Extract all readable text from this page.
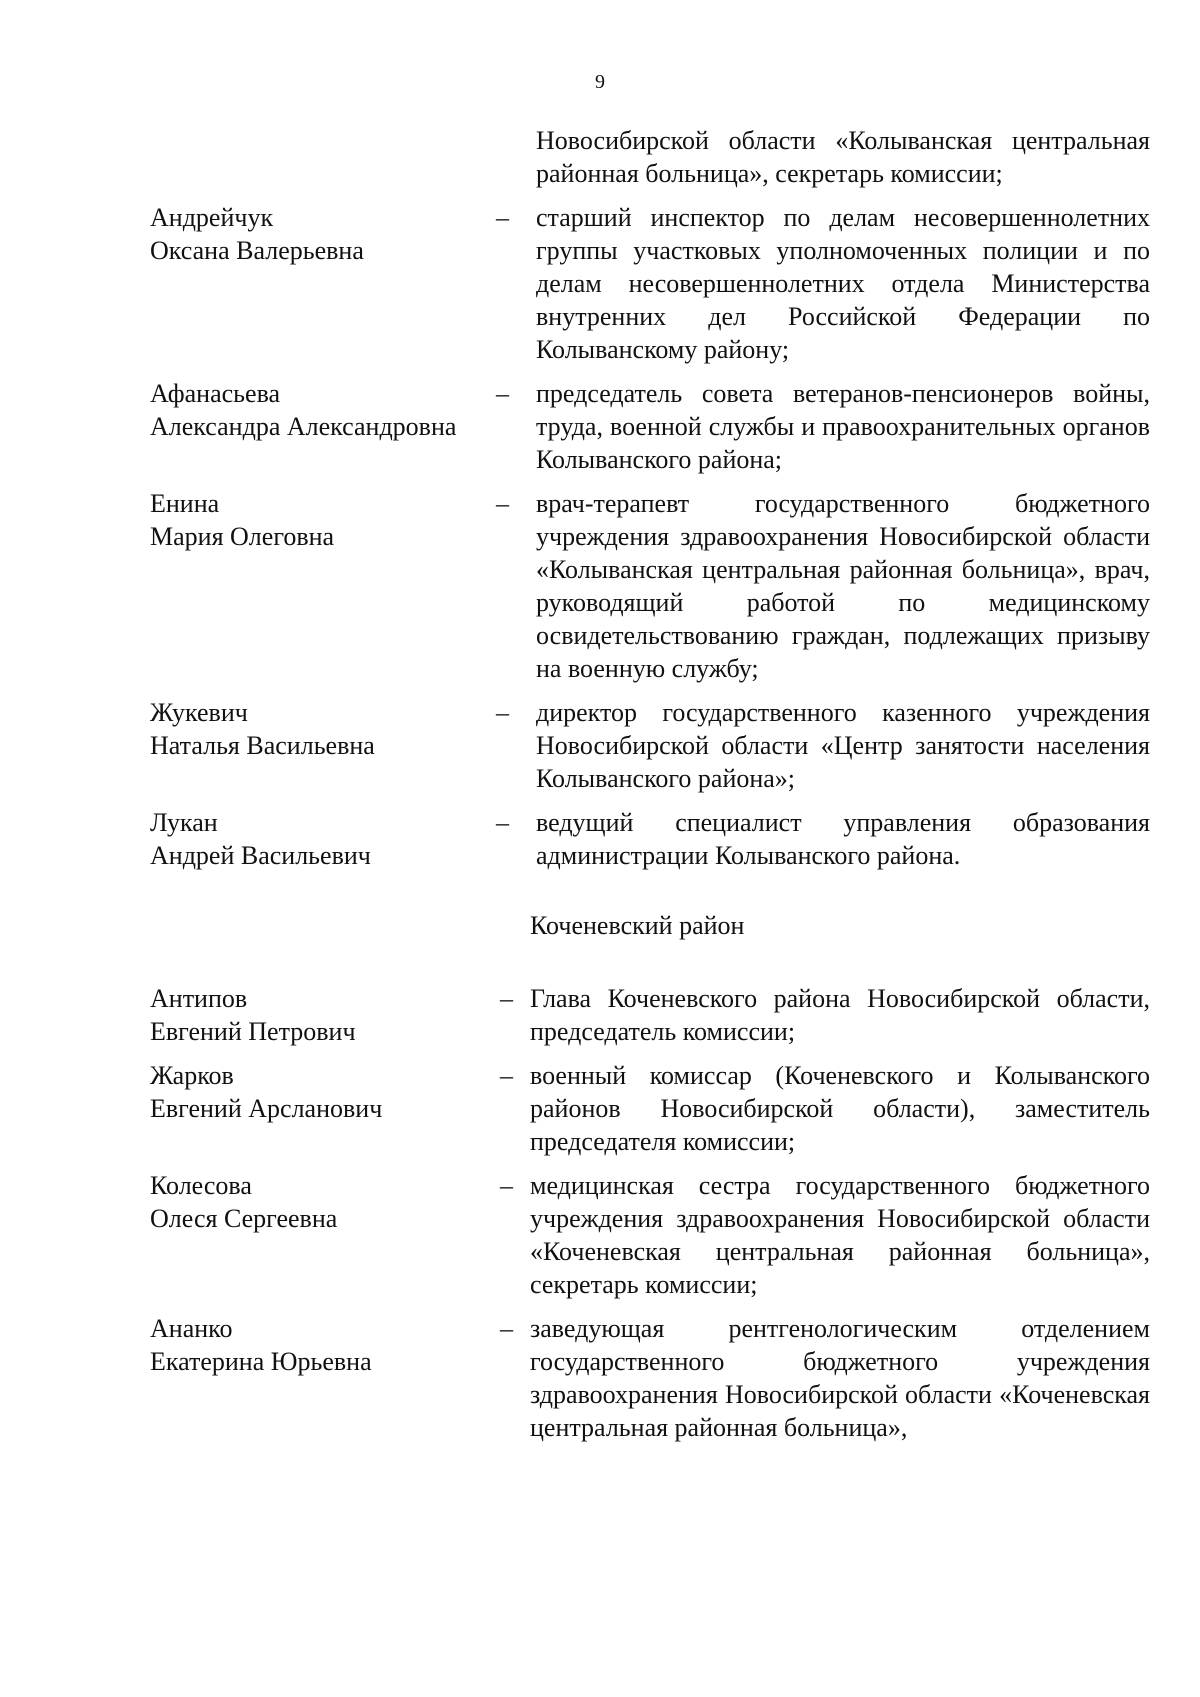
9
Новосибирской области «Колыванская центральная районная больница», секретарь комиссии;
Андрейчук
Оксана Валерьевна
–	старший инспектор по делам несовершеннолетних группы участковых уполномоченных полиции и по делам несовершеннолетних отдела Министерства внутренних дел Российской Федерации по Колыванскому району;
Афанасьева
Александра Александровна
–	председатель совета ветеранов-пенсионеров войны, труда, военной службы и правоохранительных органов Колыванского района;
Енина
Мария Олеговна
–	врач-терапевт государственного бюджетного учреждения здравоохранения Новосибирской области «Колыванская центральная районная больница», врач, руководящий работой по медицинскому освидетельствованию граждан, подлежащих призыву на военную службу;
Жукевич
Наталья Васильевна
–	директор государственного казенного учреждения Новосибирской области «Центр занятости населения Колыванского района»;
Лукан
Андрей Васильевич
–	ведущий специалист управления образования администрации Колыванского района.
Коченевский район
Антипов
Евгений Петрович
– Глава Коченевского района Новосибирской области, председатель комиссии;
Жарков
Евгений Арсланович
– военный комиссар (Коченевского и Колыванского районов Новосибирской области), заместитель председателя комиссии;
Колесова
Олеся Сергеевна
– медицинская сестра государственного бюджетного учреждения здравоохранения Новосибирской области «Коченевская центральная районная больница», секретарь комиссии;
Ананко
Екатерина Юрьевна
– заведующая рентгенологическим отделением государственного бюджетного учреждения здравоохранения Новосибирской области «Коченевская центральная районная больница»,
